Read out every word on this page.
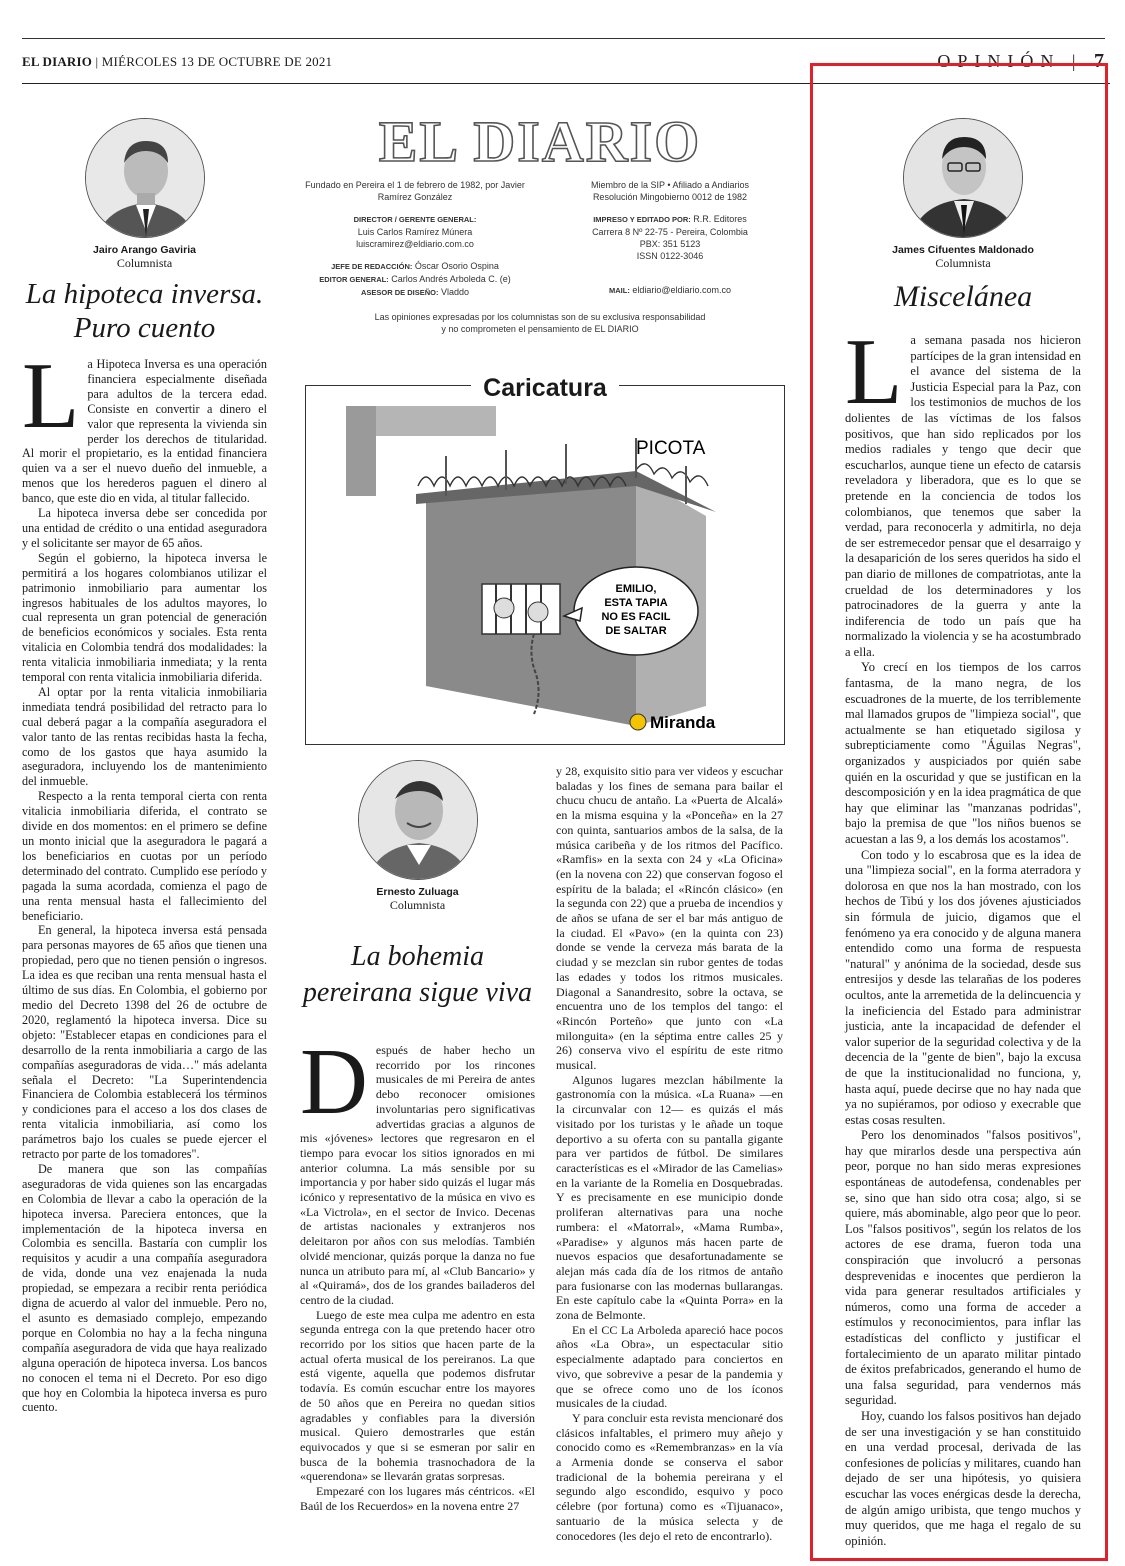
EL DIARIO | MIÉRCOLES 13 DE OCTUBRE DE 2021	OPINIÓN | 7
Jairo Arango Gaviria
Columnista
La hipoteca inversa.
Puro cuento
L a Hipoteca Inversa es una operación financiera especialmente diseñada para adultos de la tercera edad. Consiste en convertir a dinero el valor que representa la vivienda sin perder los derechos de titularidad. Al morir el propietario, es la entidad financiera quien va a ser el nuevo dueño del inmueble, a menos que los herederos paguen el dinero al banco, que este dio en vida, al titular fallecido.

La hipoteca inversa debe ser concedida por una entidad de crédito o una entidad aseguradora y el solicitante ser mayor de 65 años.

Según el gobierno, la hipoteca inversa le permitirá a los hogares colombianos utilizar el patrimonio inmobiliario para aumentar los ingresos habituales de los adultos mayores, lo cual representa un gran potencial de generación de beneficios económicos y sociales. Esta renta vitalicia en Colombia tendrá dos modalidades: la renta vitalicia inmobiliaria inmediata; y la renta temporal con renta vitalicia inmobiliaria diferida.

Al optar por la renta vitalicia inmobiliaria inmediata tendrá posibilidad del retracto para lo cual deberá pagar a la compañía aseguradora el valor tanto de las rentas recibidas hasta la fecha, como de los gastos que haya asumido la aseguradora, incluyendo los de mantenimiento del inmueble.

Respecto a la renta temporal cierta con renta vitalicia inmobiliaria diferida, el contrato se divide en dos momentos: en el primero se define un monto inicial que la aseguradora le pagará a los beneficiarios en cuotas por un período determinado del contrato. Cumplido ese período y pagada la suma acordada, comienza el pago de una renta mensual hasta el fallecimiento del beneficiario.

En general, la hipoteca inversa está pensada para personas mayores de 65 años que tienen una propiedad, pero que no tienen pensión o ingresos. La idea es que reciban una renta mensual hasta el último de sus días. En Colombia, el gobierno por medio del Decreto 1398 del 26 de octubre de 2020, reglamentó la hipoteca inversa. Dice su objeto: "Establecer etapas en condiciones para el desarrollo de la renta inmobiliaria a cargo de las compañías aseguradoras de vida…" más adelanta señala el Decreto: "La Superintendencia Financiera de Colombia establecerá los términos y condiciones para el acceso a los dos clases de renta vitalicia inmobiliaria, así como los parámetros bajo los cuales se puede ejercer el retracto por parte de los tomadores".

De manera que son las compañías aseguradoras de vida quienes son las encargadas en Colombia de llevar a cabo la operación de la hipoteca inversa. Pareciera entonces, que la implementación de la hipoteca inversa en Colombia es sencilla. Bastaría con cumplir los requisitos y acudir a una compañía aseguradora de vida, donde una vez enajenada la nuda propiedad, se empezara a recibir renta periódica digna de acuerdo al valor del inmueble. Pero no, el asunto es demasiado complejo, empezando porque en Colombia no hay a la fecha ninguna compañía aseguradora de vida que haya realizado alguna operación de hipoteca inversa. Los bancos no conocen el tema ni el Decreto. Por eso digo que hoy en Colombia la hipoteca inversa es puro cuento.

EL DIARIO
Fundado en Pereira el 1 de febrero de 1982, por Javier Ramírez González
DIRECTOR / GERENTE GENERAL:
Luis Carlos Ramírez Múnera
luiscramirez@eldiario.com.co
JEFE DE REDACCIÓN: Óscar Osorio Ospina
EDITOR GENERAL: Carlos Andrés Arboleda C. (e)
ASESOR DE DISEÑO: Vladdo
Miembro de la SIP • Afiliado a Andiarios
Resolución Mingobierno 0012 de 1982
IMPRESO Y EDITADO POR: R.R. Editores
Carrera 8 Nº 22-75 - Pereira, Colombia
PBX: 351 5123
ISSN 0122-3046
MAIL: eldiario@eldiario.com.co
Las opiniones expresadas por los columnistas son de su exclusiva responsabilidad
y no comprometen el pensamiento de EL DIARIO
Caricatura
EMILIO,
ESTA TAPIA
NO ES FACIL
DE SALTAR
PICOTA
Miranda
Ernesto Zuluaga
Columnista
La bohemia
pereirana sigue viva
D espués de haber hecho un recorrido por los rincones musicales de mi Pereira de antes debo reconocer omisiones involuntarias pero significativas advertidas gracias a algunos de mis «jóvenes» lectores que regresaron en el tiempo para evocar los sitios ignorados en mi anterior columna. La más sensible por su importancia y por haber sido quizás el lugar más icónico y representativo de la música en vivo es «La Victrola», en el sector de Invico. Decenas de artistas nacionales y extranjeros nos deleitaron por años con sus melodías. También olvidé mencionar, quizás porque la danza no fue nunca un atributo para mí, al «Club Bancario» y al «Quiramá», dos de los grandes bailaderos del centro de la ciudad.

Luego de este mea culpa me adentro en esta segunda entrega con la que pretendo hacer otro recorrido por los sitios que hacen parte de la actual oferta musical de los pereiranos. La que está vigente, aquella que podemos disfrutar todavía. Es común escuchar entre los mayores de 50 años que en Pereira no quedan sitios agradables y confiables para la diversión musical. Quiero demostrarles que están equivocados y que si se esmeran por salir en busca de la bohemia trasnochadora de la «querendona» se llevarán gratas sorpresas.

Empezaré con los lugares más céntricos. «El Baúl de los Recuerdos» en la novena entre 27

y 28, exquisito sitio para ver videos y escuchar baladas y los fines de semana para bailar el chucu chucu de antaño. La «Puerta de Alcalá» en la misma esquina y la «Ponceña» en la 27 con quinta, santuarios ambos de la salsa, de la música caribeña y de los ritmos del Pacífico. «Ramfis» en la sexta con 24 y «La Oficina» (en la novena con 22) que conservan fogoso el espíritu de la balada; el «Rincón clásico» (en la segunda con 22) que a prueba de incendios y de años se ufana de ser el bar más antiguo de la ciudad. El «Pavo» (en la quinta con 23) donde se vende la cerveza más barata de la ciudad y se mezclan sin rubor gentes de todas las edades y todos los ritmos musicales. Diagonal a Sanandresito, sobre la octava, se encuentra uno de los templos del tango: el «Rincón Porteño» que junto con «La milonguita» (en la séptima entre calles 25 y 26) conserva vivo el espíritu de este ritmo musical.

Algunos lugares mezclan hábilmente la gastronomía con la música. «La Ruana» —en la circunvalar con 12— es quizás el más visitado por los turistas y le añade un toque deportivo a su oferta con su pantalla gigante para ver partidos de fútbol. De similares características es el «Mirador de las Camelias» en la variante de la Romelia en Dosquebradas. Y es precisamente en ese municipio donde proliferan alternativas para una noche rumbera: el «Matorral», «Mama Rumba», «Paradise» y algunos más hacen parte de nuevos espacios que desafortunadamente se alejan más cada día de los ritmos de antaño para fusionarse con las modernas bullarangas. En este capítulo cabe la «Quinta Porra» en la zona de Belmonte.

En el CC La Arboleda apareció hace pocos años «La Obra», un espectacular sitio especialmente adaptado para conciertos en vivo, que sobrevive a pesar de la pandemia y que se ofrece como uno de los íconos musicales de la ciudad.

Y para concluir esta revista mencionaré dos clásicos infaltables, el primero muy añejo y conocido como es «Remembranzas» en la vía a Armenia donde se conserva el sabor tradicional de la bohemia pereirana y el segundo algo escondido, esquivo y poco célebre (por fortuna) como es «Tijuanaco», santuario de la música selecta y de conocedores (les dejo el reto de encontrarlo).

James Cifuentes Maldonado
Columnista
Miscelánea
L a semana pasada nos hicieron partícipes de la gran intensidad en el avance del sistema de la Justicia Especial para la Paz, con los testimonios de muchos de los dolientes de las víctimas de los falsos positivos, que han sido replicados por los medios radiales y tengo que decir que escucharlos, aunque tiene un efecto de catarsis reveladora y liberadora, que es lo que se pretende en la conciencia de todos los colombianos, que tenemos que saber la verdad, para reconocerla y admitirla, no deja de ser estremecedor pensar que el desarraigo y la desaparición de los seres queridos ha sido el pan diario de millones de compatriotas, ante la crueldad de los determinadores y los patrocinadores de la guerra y ante la indiferencia de todo un país que ha normalizado la violencia y se ha acostumbrado a ella.

Yo crecí en los tiempos de los carros fantasma, de la mano negra, de los escuadrones de la muerte, de los terriblemente mal llamados grupos de "limpieza social", que actualmente se han etiquetado sigilosa y subrepticiamente como "Águilas Negras", organizados y auspiciados por quién sabe quién en la oscuridad y que se justifican en la descomposición y en la idea pragmática de que hay que eliminar las "manzanas podridas", bajo la premisa de que "los niños buenos se acuestan a las 9, a los demás los acostamos".

Con todo y lo escabrosa que es la idea de una "limpieza social", en la forma aterradora y dolorosa en que nos la han mostrado, con los hechos de Tibú y los dos jóvenes ajusticiados sin fórmula de juicio, digamos que el fenómeno ya era conocido y de alguna manera entendido como una forma de respuesta "natural" y anónima de la sociedad, desde sus entresijos y desde las telarañas de los poderes ocultos, ante la arremetida de la delincuencia y la ineficiencia del Estado para administrar justicia, ante la incapacidad de defender el valor superior de la seguridad colectiva y de la decencia de la "gente de bien", bajo la excusa de que la institucionalidad no funciona, y, hasta aquí, puede decirse que no hay nada que ya no supiéramos, por odioso y execrable que estas cosas resulten.

Pero los denominados "falsos positivos", hay que mirarlos desde una perspectiva aún peor, porque no han sido meras expresiones espontáneas de autodefensa, condenables per se, sino que han sido otra cosa; algo, si se quiere, más abominable, algo peor que lo peor. Los "falsos positivos", según los relatos de los actores de ese drama, fueron toda una conspiración que involucró a personas desprevenidas e inocentes que perdieron la vida para generar resultados artificiales y números, como una forma de acceder a estímulos y reconocimientos, para inflar las estadísticas del conflicto y justificar el fortalecimiento de un aparato militar pintado de éxitos prefabricados, generando el humo de una falsa seguridad, para vendernos más seguridad.

Hoy, cuando los falsos positivos han dejado de ser una investigación y se han constituido en una verdad procesal, derivada de las confesiones de policías y militares, cuando han dejado de ser una hipótesis, yo quisiera escuchar las voces enérgicas desde la derecha, de algún amigo uribista, que tengo muchos y muy queridos, que me haga el regalo de su opinión.
